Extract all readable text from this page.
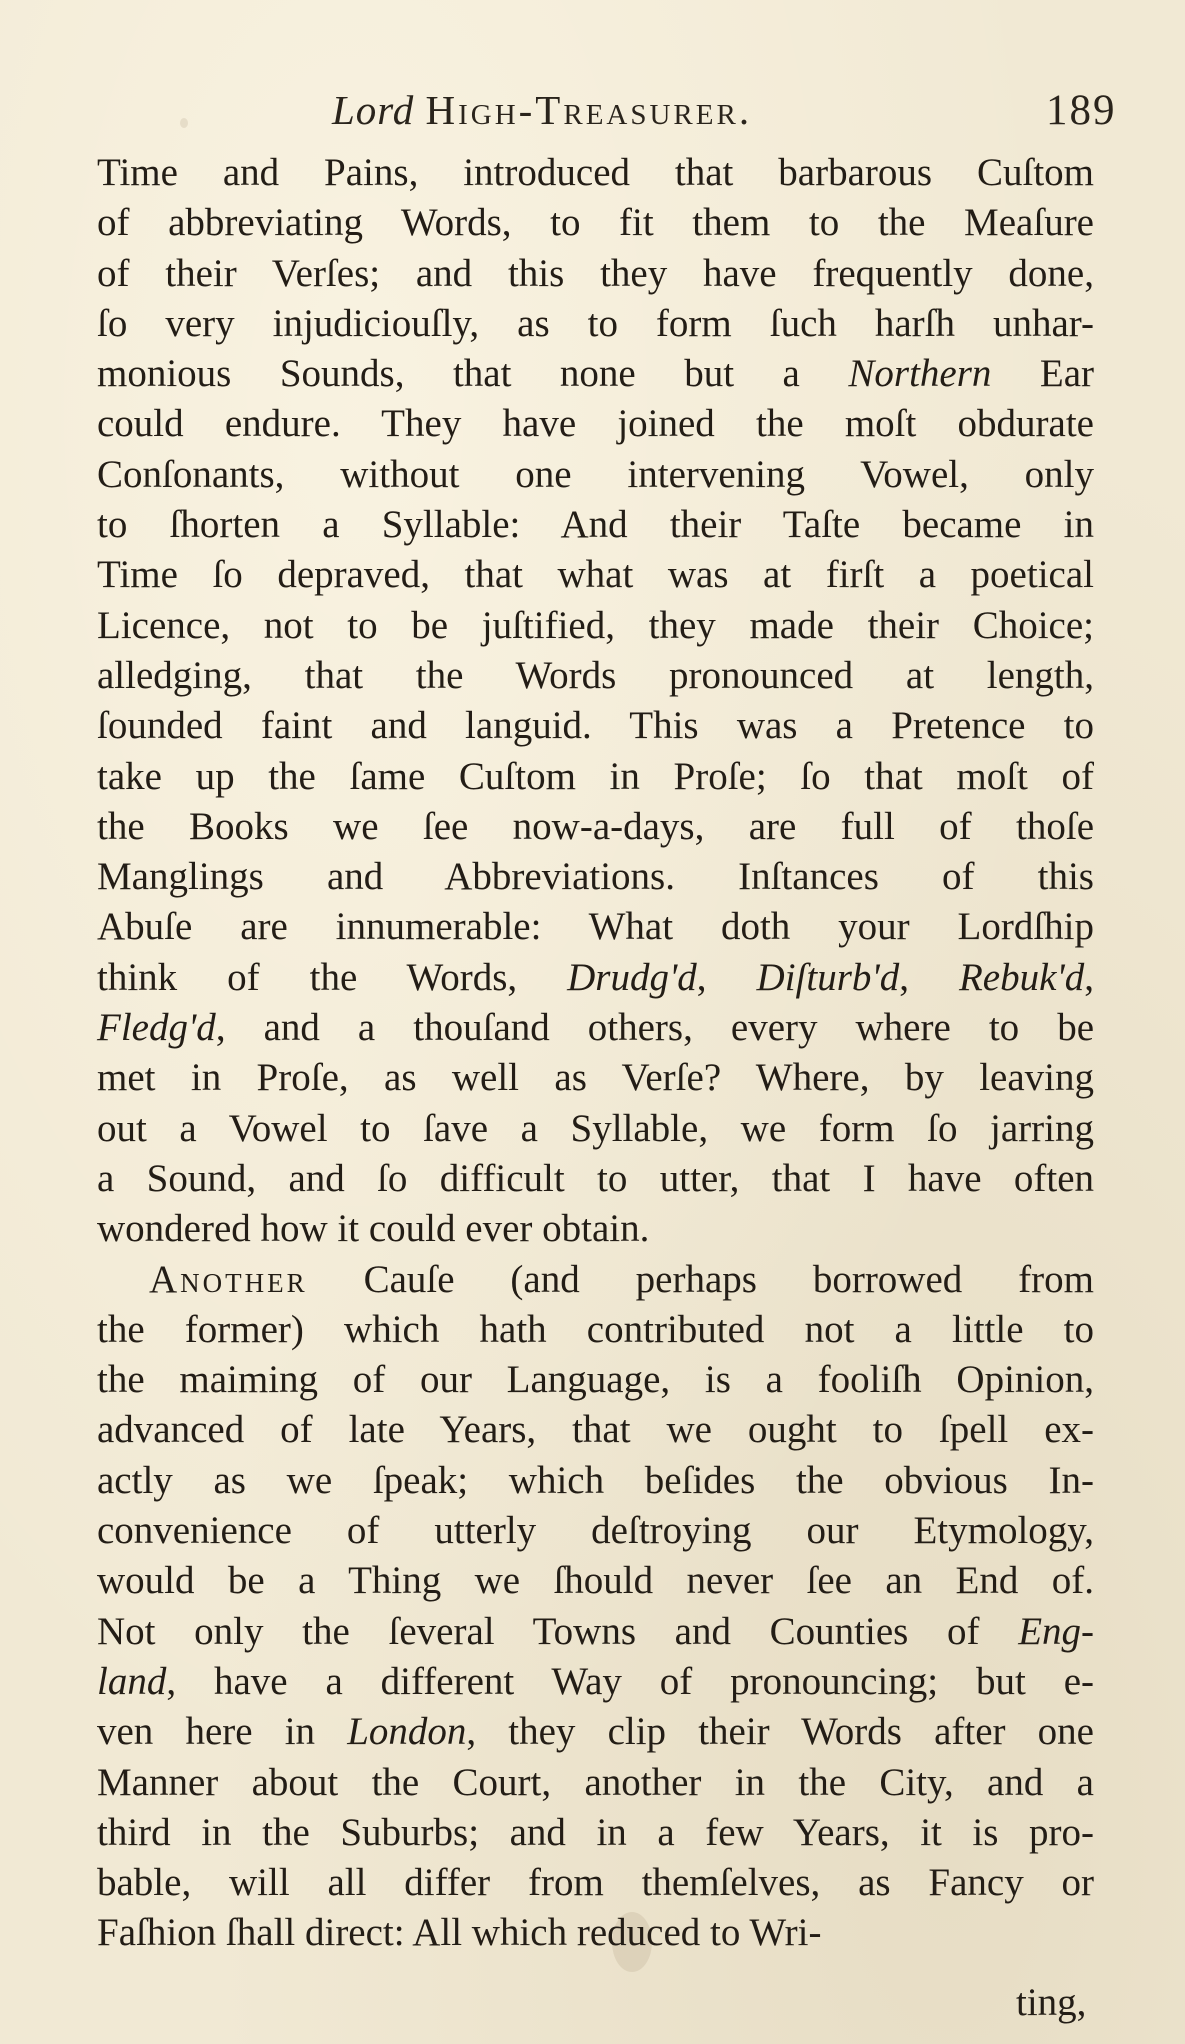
Lord High-Treasurer.	189
Time and Pains, introduced that barbarous Cuſtom
of abbreviating Words, to fit them to the Meaſure
of their Verſes; and this they have frequently done,
ſo very injudiciouſly, as to form ſuch harſh unhar-
monious Sounds, that none but a Northern Ear
could endure. They have joined the moſt obdurate
Conſonants, without one intervening Vowel, only
to ſhorten a Syllable: And their Taſte became in
Time ſo depraved, that what was at firſt a poetical
Licence, not to be juſtified, they made their Choice;
alledging, that the Words pronounced at length,
ſounded faint and languid. This was a Pretence to
take up the ſame Cuſtom in Proſe; ſo that moſt of
the Books we ſee now-a-days, are full of thoſe
Manglings and Abbreviations. Inſtances of this
Abuſe are innumerable: What doth your Lordſhip
think of the Words, Drudg'd, Diſturb'd, Rebuk'd,
Fledg'd, and a thouſand others, every where to be
met in Proſe, as well as Verſe? Where, by leaving
out a Vowel to ſave a Syllable, we form ſo jarring
a Sound, and ſo difficult to utter, that I have often
wondered how it could ever obtain.
Another Cauſe (and perhaps borrowed from
the former) which hath contributed not a little to
the maiming of our Language, is a fooliſh Opinion,
advanced of late Years, that we ought to ſpell ex-
actly as we ſpeak; which beſides the obvious In-
convenience of utterly deſtroying our Etymology,
would be a Thing we ſhould never ſee an End of.
Not only the ſeveral Towns and Counties of Eng-
land, have a different Way of pronouncing; but e-
ven here in London, they clip their Words after one
Manner about the Court, another in the City, and a
third in the Suburbs; and in a few Years, it is pro-
bable, will all differ from themſelves, as Fancy or
Faſhion ſhall direct: All which reduced to Wri-
ting,
